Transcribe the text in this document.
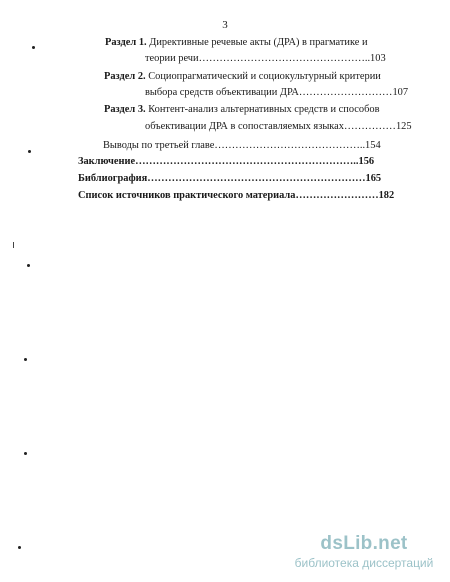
3
Раздел 1. Директивные речевые акты (ДРА) в прагматике и
теории речи…………………………………………..103
Раздел 2. Социопрагматический и социокультурный критерии
выбора средств объективации ДРА………………………107
Раздел 3. Контент-анализ альтернативных средств и способов
объективации ДРА в сопоставляемых языках……………125
Выводы по третьей главе……………………………………..154
Заключение………………………………………………………..156
Библиография………………………………………………………165
Список источников практического материала……………………182
dsLib.net
библиотека диссертаций
